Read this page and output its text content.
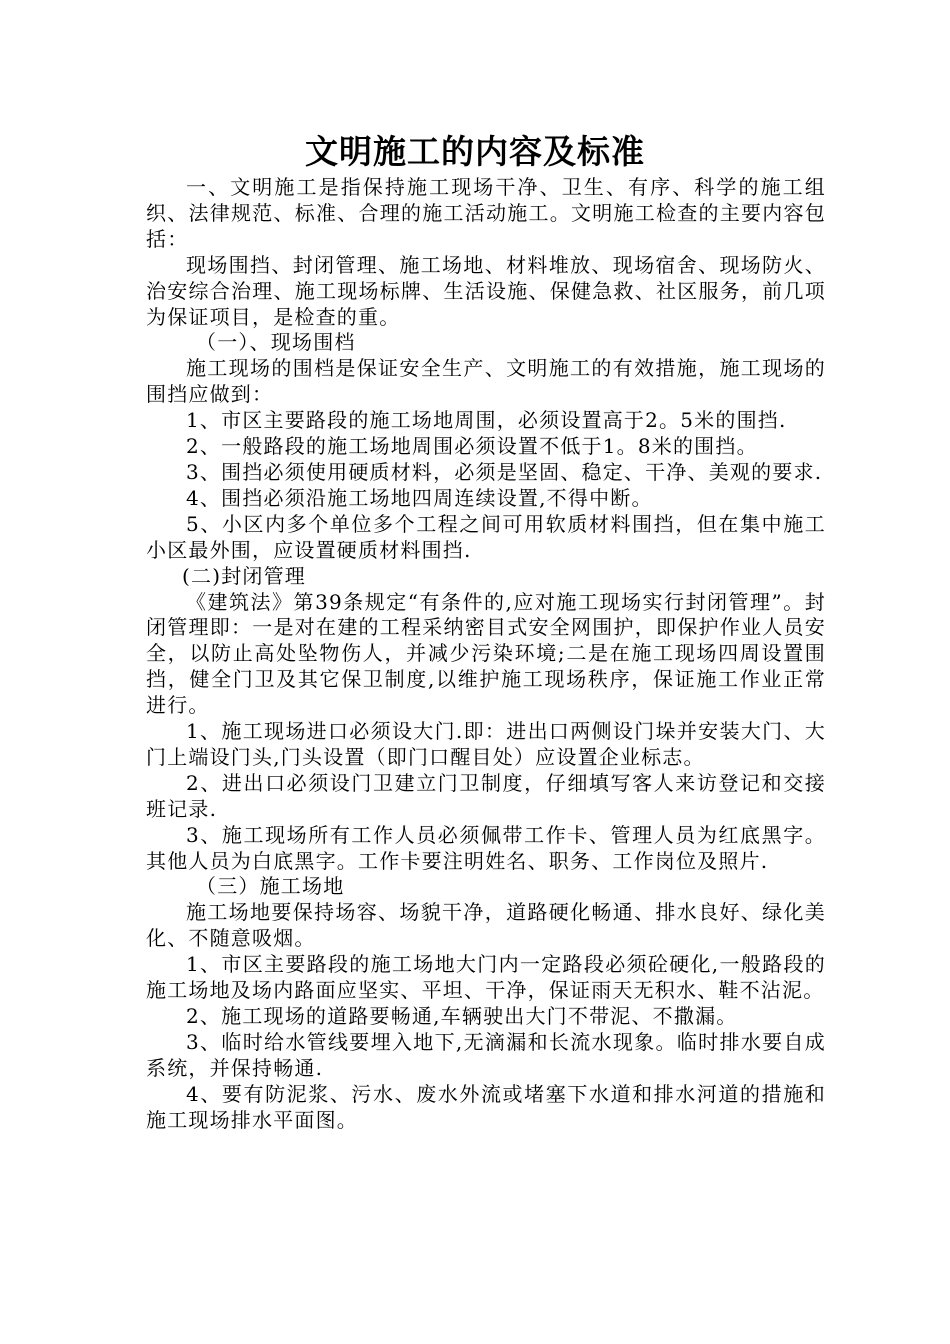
文明施工的内容及标准

一、文明施工是指保持施工现场干净、卫生、有序、科学的施工组织、法律规范、标准、合理的施工活动施工。文明施工检查的主要内容包括：

现场围挡、封闭管理、施工场地、材料堆放、现场宿舍、现场防火、治安综合治理、施工现场标牌、生活设施、保健急救、社区服务，前几项为保证项目，是检查的重。

（一）、现场围档

施工现场的围档是保证安全生产、文明施工的有效措施，施工现场的围挡应做到：

1、市区主要路段的施工场地周围，必须设置高于2。5米的围挡.

2、一般路段的施工场地周围必须设置不低于1。8米的围挡。

3、围挡必须使用硬质材料，必须是坚固、稳定、干净、美观的要求.

4、围挡必须沿施工场地四周连续设置,不得中断。

5、小区内多个单位多个工程之间可用软质材料围挡，但在集中施工小区最外围，应设置硬质材料围挡.

(二)封闭管理

《建筑法》第39条规定“有条件的,应对施工现场实行封闭管理”。封闭管理即：一是对在建的工程采纳密目式安全网围护，即保护作业人员安全，以防止高处坠物伤人，并减少污染环境;二是在施工现场四周设置围挡，健全门卫及其它保卫制度,以维护施工现场秩序，保证施工作业正常进行。

1、施工现场进口必须设大门.即：进出口两侧设门垛并安装大门、大门上端设门头,门头设置（即门口醒目处）应设置企业标志。

2、进出口必须设门卫建立门卫制度，仔细填写客人来访登记和交接班记录.

3、施工现场所有工作人员必须佩带工作卡、管理人员为红底黑字。其他人员为白底黑字。工作卡要注明姓名、职务、工作岗位及照片.

（三）施工场地

施工场地要保持场容、场貌干净，道路硬化畅通、排水良好、绿化美化、不随意吸烟。

1、市区主要路段的施工场地大门内一定路段必须砼硬化,一般路段的施工场地及场内路面应坚实、平坦、干净，保证雨天无积水、鞋不沾泥。

2、施工现场的道路要畅通,车辆驶出大门不带泥、不撒漏。

3、临时给水管线要埋入地下,无滴漏和长流水现象。临时排水要自成系统，并保持畅通.

4、要有防泥浆、污水、废水外流或堵塞下水道和排水河道的措施和施工现场排水平面图。
